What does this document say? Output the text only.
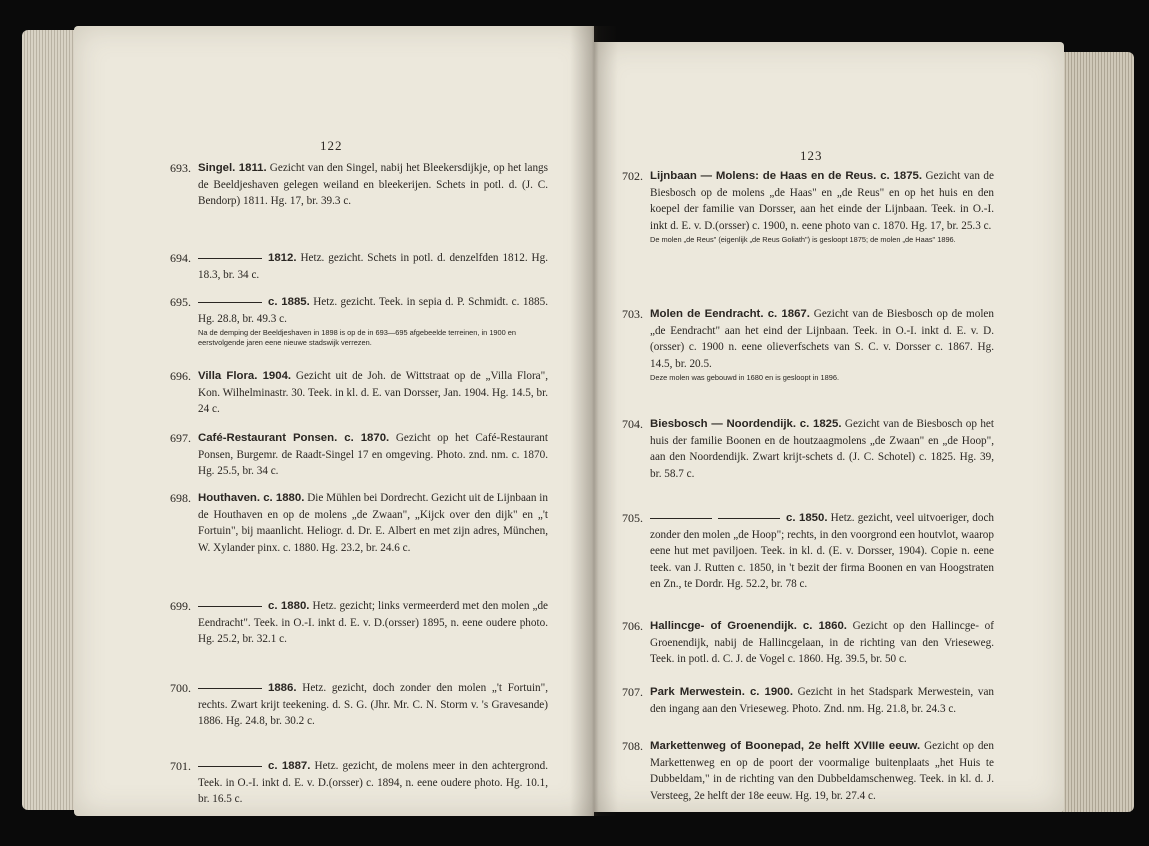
122
693. Singel. 1811. Gezicht van den Singel, nabij het Bleekersdijkje, op het langs de Beeldjeshaven gelegen weiland en bleekerijen. Schets in potl. d. (J. C. Bendorp) 1811. Hg. 17, br. 39.3 c.
694.	1812. Hetz. gezicht. Schets in potl. d. denzelfden 1812. Hg. 18.3, br. 34 c.
695.	c. 1885. Hetz. gezicht. Teek. in sepia d. P. Schmidt. c. 1885. Hg. 28.8, br. 49.3 c.
Na de demping der Beeldjeshaven in 1898 is op de in 693—695 afgebeelde terreinen, in 1900 en eerstvolgende jaren eene nieuwe stadswijk verrezen.
696. Villa Flora. 1904. Gezicht uit de Joh. de Wittstraat op de „Villa Flora", Kon. Wilhelminastr. 30. Teek. in kl. d. E. van Dorsser, Jan. 1904. Hg. 14.5, br. 24 c.
697. Café-Restaurant Ponsen. c. 1870. Gezicht op het Café-Restaurant Ponsen, Burgemr. de Raadt-Singel 17 en omgeving. Photo. znd. nm. c. 1870. Hg. 25.5, br. 34 c.
698. Houthaven. c. 1880. Die Mühlen bei Dordrecht. Gezicht uit de Lijnbaan in de Houthaven en op de molens „de Zwaan", „Kijck over den dijk" en „'t Fortuin", bij maanlicht. Heliogr. d. Dr. E. Albert en met zijn adres, München, W. Xylander pinx. c. 1880. Hg. 23.2, br. 24.6 c.
699.	c. 1880. Hetz. gezicht; links vermeerderd met den molen „de Eendracht". Teek. in O.-I. inkt d. E. v. D.(orsser) 1895, n. eene oudere photo. Hg. 25.2, br. 32.1 c.
700.	1886. Hetz. gezicht, doch zonder den molen „'t Fortuin", rechts. Zwart krijt teekening. d. S. G. (Jhr. Mr. C. N. Storm v. 's Gravesande) 1886. Hg. 24.8, br. 30.2 c.
701.	c. 1887. Hetz. gezicht, de molens meer in den achtergrond. Teek. in O.-I. inkt d. E. v. D.(orsser) c. 1894, n. eene oudere photo. Hg. 10.1, br. 16.5 c.
123
702. Lijnbaan — Molens: de Haas en de Reus. c. 1875. Gezicht van de Biesbosch op de molens „de Haas" en „de Reus" en op het huis en den koepel der familie van Dorsser, aan het einde der Lijnbaan. Teek. in O.-I. inkt d. E. v. D.(orsser) c. 1900, n. eene photo van c. 1870. Hg. 17, br. 25.3 c.
De molen „de Reus" (eigenlijk „de Reus Goliath") is gesloopt 1875; de molen „de Haas" 1896.
703. Molen de Eendracht. c. 1867. Gezicht van de Biesbosch op de molen „de Eendracht" aan het eind der Lijnbaan. Teek. in O.-I. inkt d. E. v. D.(orsser) c. 1900 n. eene olieverfschets van S. C. v. Dorsser c. 1867. Hg. 14.5, br. 20.5.
Deze molen was gebouwd in 1680 en is gesloopt in 1896.
704. Biesbosch — Noordendijk. c. 1825. Gezicht van de Biesbosch op het huis der familie Boonen en de houtzaagmolens „de Zwaan" en „de Hoop", aan den Noordendijk. Zwart krijt-schets d. (J. C. Schotel) c. 1825. Hg. 39, br. 58.7 c.
705.	c. 1850. Hetz. gezicht, veel uitvoeriger, doch zonder den molen „de Hoop"; rechts, in den voorgrond een houtvlot, waarop eene hut met paviljoen. Teek. in kl. d. (E. v. Dorsser, 1904). Copie n. eene teek. van J. Rutten c. 1850, in 't bezit der firma Boonen en van Hoogstraten en Zn., te Dordr. Hg. 52.2, br. 78 c.
706. Hallincge- of Groenendijk. c. 1860. Gezicht op den Hallincge- of Groenendijk, nabij de Hallincgelaan, in de richting van den Vrieseweg. Teek. in potl. d. C. J. de Vogel c. 1860. Hg. 39.5, br. 50 c.
707. Park Merwestein. c. 1900. Gezicht in het Stadspark Merwestein, van den ingang aan den Vrieseweg. Photo. Znd. nm. Hg. 21.8, br. 24.3 c.
708. Markettenweg of Boonepad, 2e helft XVIIIe eeuw. Gezicht op den Markettenweg en op de poort der voormalige buitenplaats „het Huis te Dubbeldam," in de richting van den Dubbeldamschenweg. Teek. in kl. d. J. Versteeg, 2e helft der 18e eeuw. Hg. 19, br. 27.4 c.
